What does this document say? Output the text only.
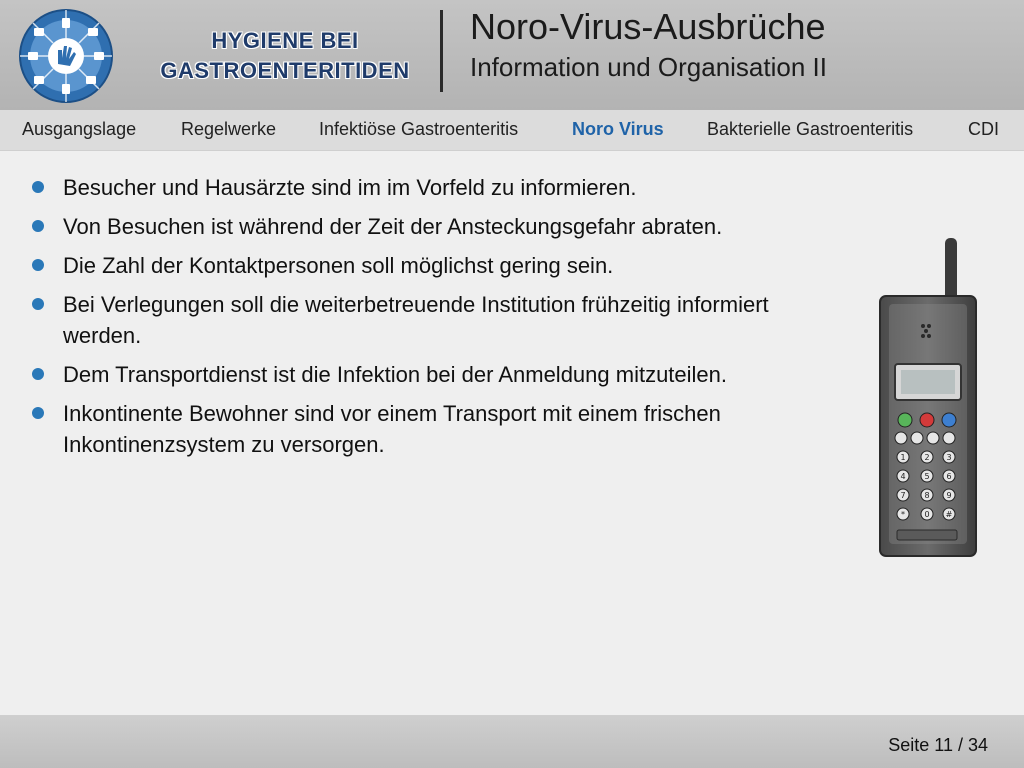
HYGIENE BEI
GASTROENTERITIDEN
Noro-Virus-Ausbrüche
Information und Organisation II
Ausgangslage Regelwerke Infektiöse Gastroenteritis	Noro Virus Bakterielle Gastroenteritis	CDI
Besucher und Hausärzte sind im im Vorfeld zu informieren.
Von Besuchen ist während der Zeit der Ansteckungsgefahr abraten.
Die Zahl der Kontaktpersonen soll möglichst gering sein.
Bei Verlegungen soll die weiterbetreuende Institution frühzeitig informiert werden.
Dem Transportdienst ist die Infektion bei der Anmeldung mitzuteilen.
Inkontinente Bewohner sind vor einem Transport mit einem frischen Inkontinenzsystem zu versorgen.
1 2 3
4 5 6
7 8 9
* 0 #
Seite 11 / 34
